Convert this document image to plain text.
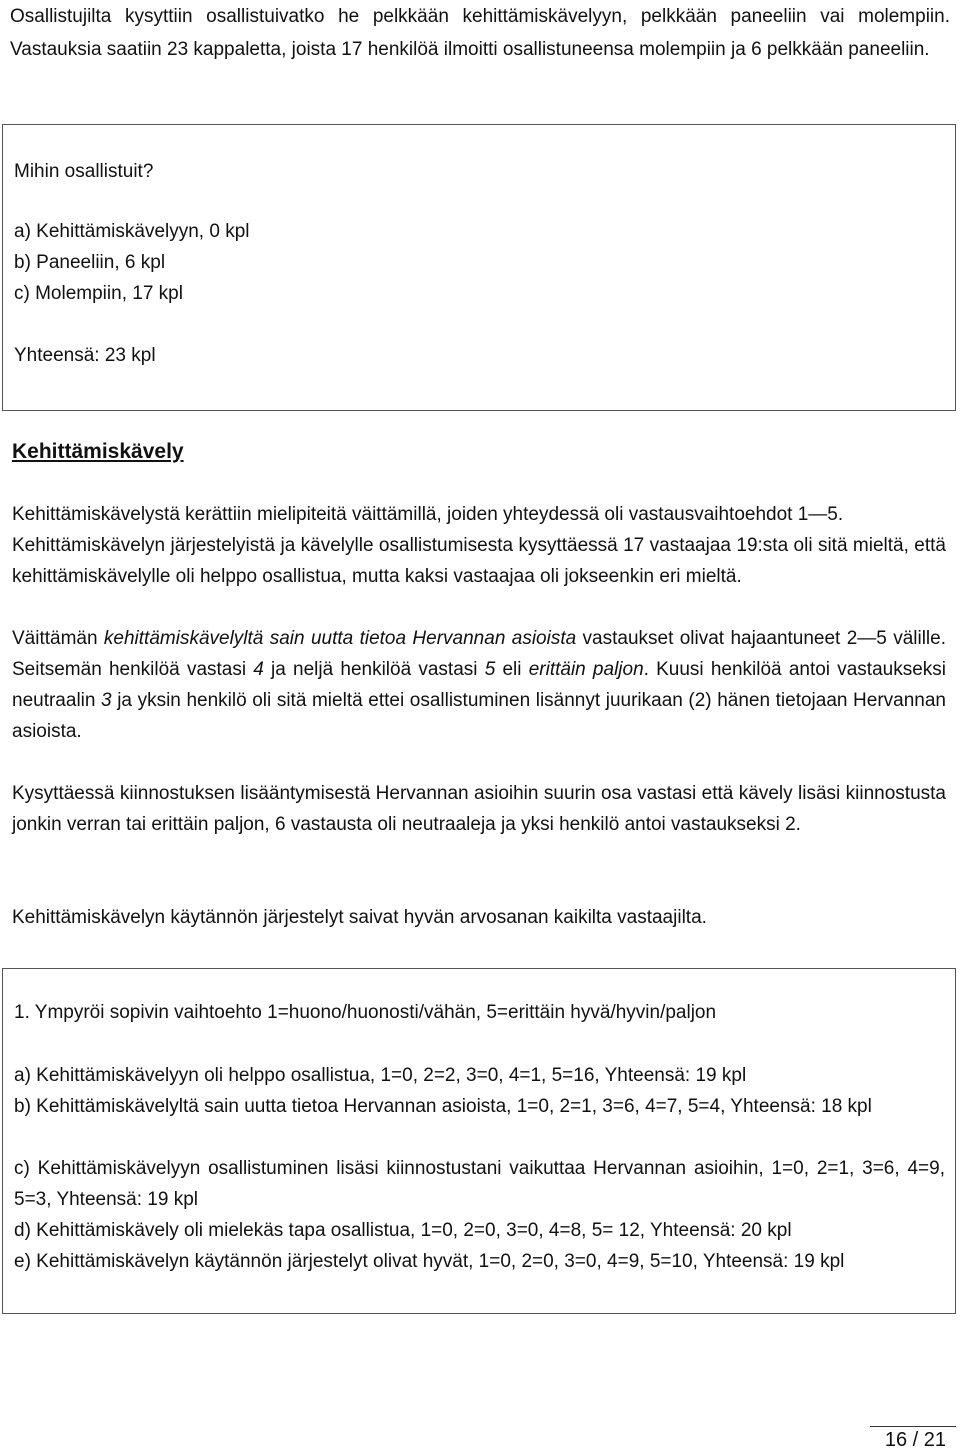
Osallistujilta kysyttiin osallistuivatko he pelkkään kehittämiskävelyyn, pelkkään paneeliin vai molempiin. Vastauksia saatiin 23 kappaletta, joista 17 henkilöä ilmoitti osallistuneensa molempiin ja 6 pelkkään paneeliin.

Mihin osallistuit?

a) Kehittämiskävelyyn, 0 kpl

b) Paneeliin, 6 kpl

c) Molempiin, 17 kpl

Yhteensä: 23 kpl

Kehittämiskävely

Kehittämiskävelystä kerättiin mielipiteitä väittämillä, joiden yhteydessä oli vastausvaihtoehdot 1—5.

Kehittämiskävelyn järjestelyistä ja kävelylle osallistumisesta kysyttäessä 17 vastaajaa 19:sta oli sitä mieltä, että kehittämiskävelylle oli helppo osallistua, mutta kaksi vastaajaa oli jokseenkin eri mieltä.

Väittämän kehittämiskävelyltä sain uutta tietoa Hervannan asioista vastaukset olivat hajaantuneet 2—5 välille. Seitsemän henkilöä vastasi 4 ja neljä henkilöä vastasi 5 eli erittäin paljon. Kuusi henkilöä antoi vastaukseksi neutraalin 3 ja yksin henkilö oli sitä mieltä ettei osallistuminen lisännyt juurikaan (2) hänen tietojaan Hervannan asioista.

Kysyttäessä kiinnostuksen lisääntymisestä Hervannan asioihin suurin osa vastasi että kävely lisäsi kiinnostusta jonkin verran tai erittäin paljon, 6 vastausta oli neutraaleja ja yksi henkilö antoi vastaukseksi 2.

Kehittämiskävelyn käytännön järjestelyt saivat hyvän arvosanan kaikilta vastaajilta.

1. Ympyröi sopivin vaihtoehto 1=huono/huonosti/vähän, 5=erittäin hyvä/hyvin/paljon

a) Kehittämiskävelyyn oli helppo osallistua, 1=0, 2=2, 3=0, 4=1, 5=16, Yhteensä: 19 kpl

b) Kehittämiskävelyltä sain uutta tietoa Hervannan asioista, 1=0, 2=1, 3=6, 4=7, 5=4, Yhteensä: 18 kpl

c) Kehittämiskävelyyn osallistuminen lisäsi kiinnostustani vaikuttaa Hervannan asioihin, 1=0, 2=1, 3=6, 4=9, 5=3, Yhteensä: 19 kpl

d) Kehittämiskävely oli mielekäs tapa osallistua, 1=0, 2=0, 3=0, 4=8, 5= 12, Yhteensä: 20 kpl

e) Kehittämiskävelyn käytännön järjestelyt olivat hyvät, 1=0, 2=0, 3=0, 4=9, 5=10, Yhteensä: 19 kpl

16 / 21
